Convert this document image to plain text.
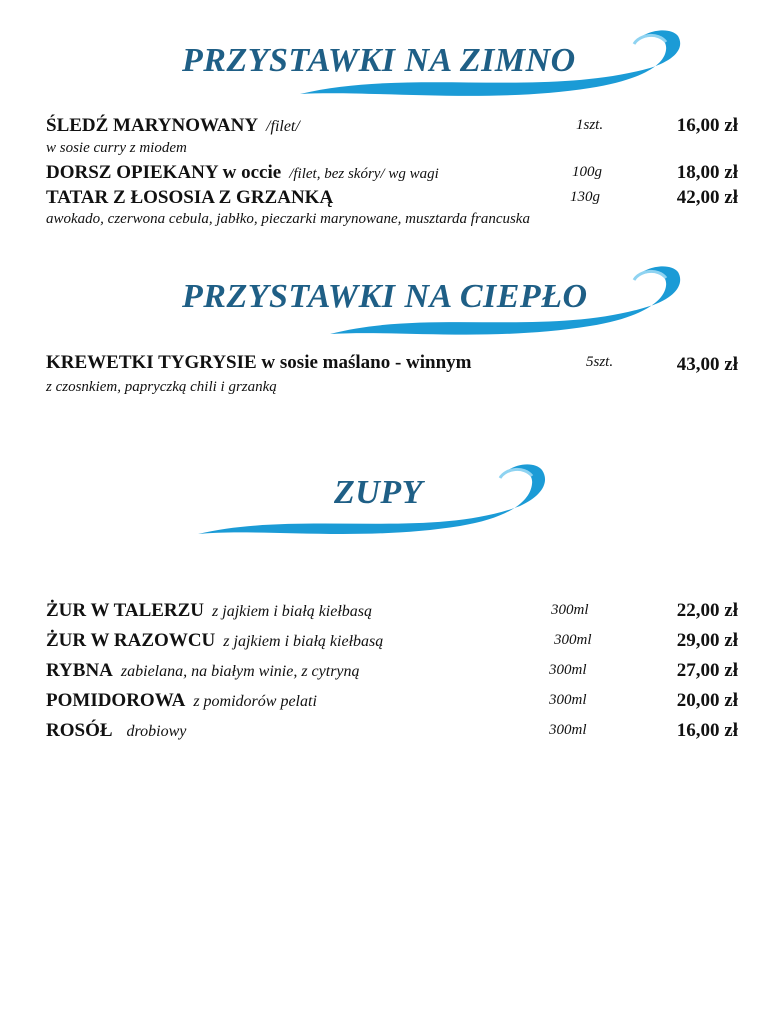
PRZYSTAWKI NA ZIMNO
ŚLEDŹ MARYNOWANY /filet/	1szt.	16,00 zł
w sosie curry z miodem
DORSZ OPIEKANY w occie /filet, bez skóry/ wg wagi	100g	18,00 zł
TATAR Z ŁOSOSIA Z GRZANKĄ	130g	42,00 zł
awokado, czerwona cebula, jabłko, pieczarki marynowane, musztarda francuska
PRZYSTAWKI NA CIEPŁO
KREWETKI TYGRYSIE w sosie maślano - winnym	5szt.	43,00 zł
z czosnkiem, papryczką chili i grzanką
ZUPY
ŻUR W TALERZU z jajkiem i białą kiełbasą	300ml	22,00 zł
ŻUR W RAZOWCU z jajkiem i białą kiełbasą	300ml	29,00 zł
RYBNA zabielana, na białym winie, z cytryną	300ml	27,00 zł
POMIDOROWA z pomidorów pelati	300ml	20,00 zł
ROSÓŁ drobiowy	300ml	16,00 zł
